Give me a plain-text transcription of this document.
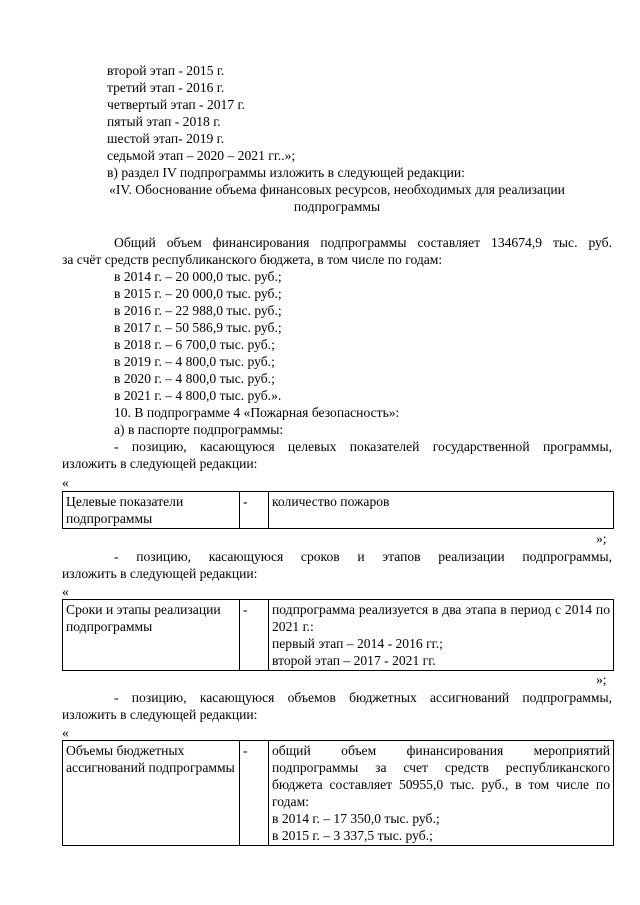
второй этап - 2015 г.
третий этап - 2016 г.
четвертый этап - 2017 г.
пятый этап - 2018 г.
шестой этап- 2019 г.
седьмой этап – 2020 – 2021 гг..»;
в) раздел IV подпрограммы изложить в следующей редакции:
«IV. Обоснование объема финансовых ресурсов, необходимых для реализации
подпрограммы
Общий объем финансирования подпрограммы составляет 134674,9 тыс. руб.
за счёт средств республиканского бюджета, в том числе по годам:
в 2014 г. – 20 000,0 тыс. руб.;
в 2015 г. – 20 000,0 тыс. руб.;
в 2016 г. – 22 988,0 тыс. руб.;
в 2017 г. – 50 586,9 тыс. руб.;
в 2018 г. – 6 700,0 тыс. руб.;
в 2019 г. – 4 800,0 тыс. руб.;
в 2020 г. – 4 800,0 тыс. руб.;
в 2021 г. – 4 800,0 тыс. руб.».
10. В подпрограмме 4 «Пожарная безопасность»:
а) в паспорте подпрограммы:
- позицию, касающуюся целевых показателей государственной программы,
изложить в следующей редакции:
«
Целевые показатели подпрограммы	-	количество пожаров
»;
- позицию, касающуюся сроков и этапов реализации подпрограммы,
изложить в следующей редакции:
«
Сроки и этапы реализации подпрограммы	-	подпрограмма реализуется в два этапа в период с 2014 по 2021 г.:
первый этап – 2014 - 2016 гг.;
второй этап – 2017 - 2021 гг.
»;
- позицию, касающуюся объемов бюджетных ассигнований подпрограммы,
изложить в следующей редакции:
«
Объемы бюджетных ассигнований подпрограммы	-	общий объем финансирования мероприятий подпрограммы за счет средств республиканского бюджета составляет 50955,0 тыс. руб., в том числе по годам:
в 2014 г. – 17 350,0 тыс. руб.;
в 2015 г. – 3 337,5 тыс. руб.;
